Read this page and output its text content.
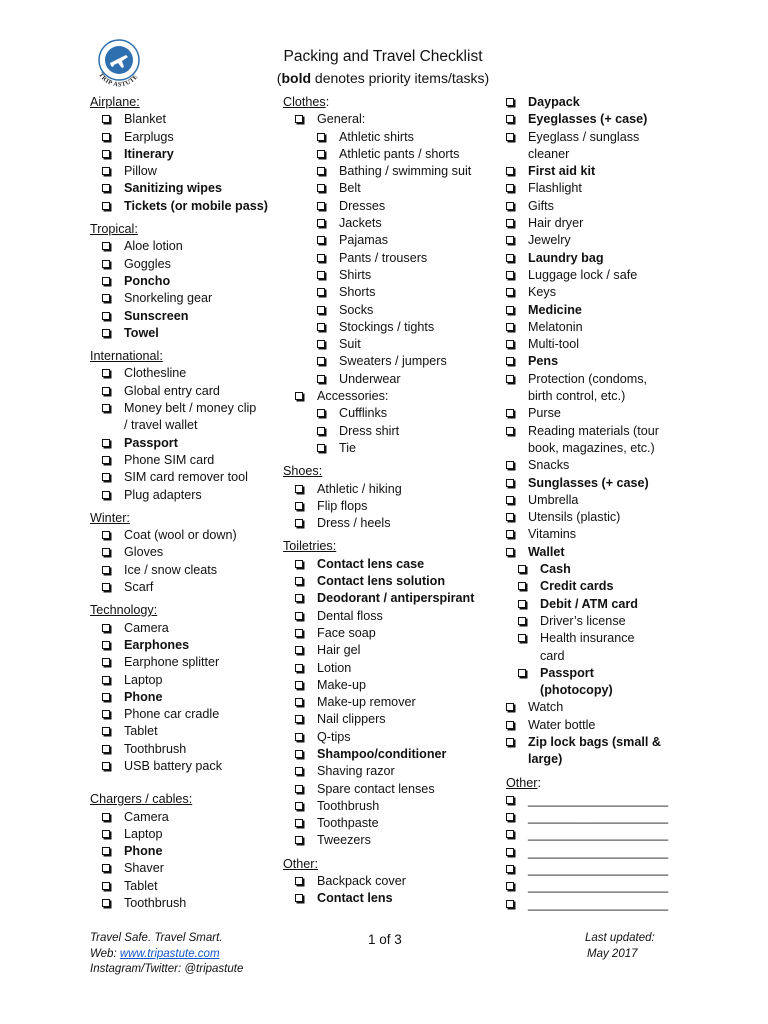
TRIP ASTUTE
Packing and Travel Checklist
(bold denotes priority items/tasks)
Airplane:
Blanket
Earplugs
Itinerary
Pillow
Sanitizing wipes
Tickets (or mobile pass)
Tropical:
Aloe lotion
Goggles
Poncho
Snorkeling gear
Sunscreen
Towel
International:
Clothesline
Global entry card
Money belt / money clip
/ travel wallet
Passport
Phone SIM card
SIM card remover tool
Plug adapters
Winter:
Coat (wool or down)
Gloves
Ice / snow cleats
Scarf
Technology:
Camera
Earphones
Earphone splitter
Laptop
Phone
Phone car cradle
Tablet
Toothbrush
USB battery pack
Chargers / cables:
Camera
Laptop
Phone
Shaver
Tablet
Toothbrush
Clothes:
General:
Athletic shirts
Athletic pants / shorts
Bathing / swimming suit
Belt
Dresses
Jackets
Pajamas
Pants / trousers
Shirts
Shorts
Socks
Stockings / tights
Suit
Sweaters / jumpers
Underwear
Accessories:
Cufflinks
Dress shirt
Tie
Shoes:
Athletic / hiking
Flip flops
Dress / heels
Toiletries:
Contact lens case
Contact lens solution
Deodorant / antiperspirant
Dental floss
Face soap
Hair gel
Lotion
Make-up
Make-up remover
Nail clippers
Q-tips
Shampoo/conditioner
Shaving razor
Spare contact lenses
Toothbrush
Toothpaste
Tweezers
Other:
Backpack cover
Contact lens
Daypack
Eyeglasses (+ case)
Eyeglass / sunglass
cleaner
First aid kit
Flashlight
Gifts
Hair dryer
Jewelry
Laundry bag
Luggage lock / safe
Keys
Medicine
Melatonin
Multi-tool
Pens
Protection (condoms,
birth control, etc.)
Purse
Reading materials (tour
book, magazines, etc.)
Snacks
Sunglasses (+ case)
Umbrella
Utensils (plastic)
Vitamins
Wallet
Cash
Credit cards
Debit / ATM card
Driver’s license
Health insurance
card
Passport
(photocopy)
Watch
Water bottle
Zip lock bags (small &
large)
Other:
____________________
____________________
____________________
____________________
____________________
____________________
____________________
Travel Safe. Travel Smart.
Web: www.tripastute.com
Instagram/Twitter: @tripastute
1 of 3	Last updated:
May 2017
